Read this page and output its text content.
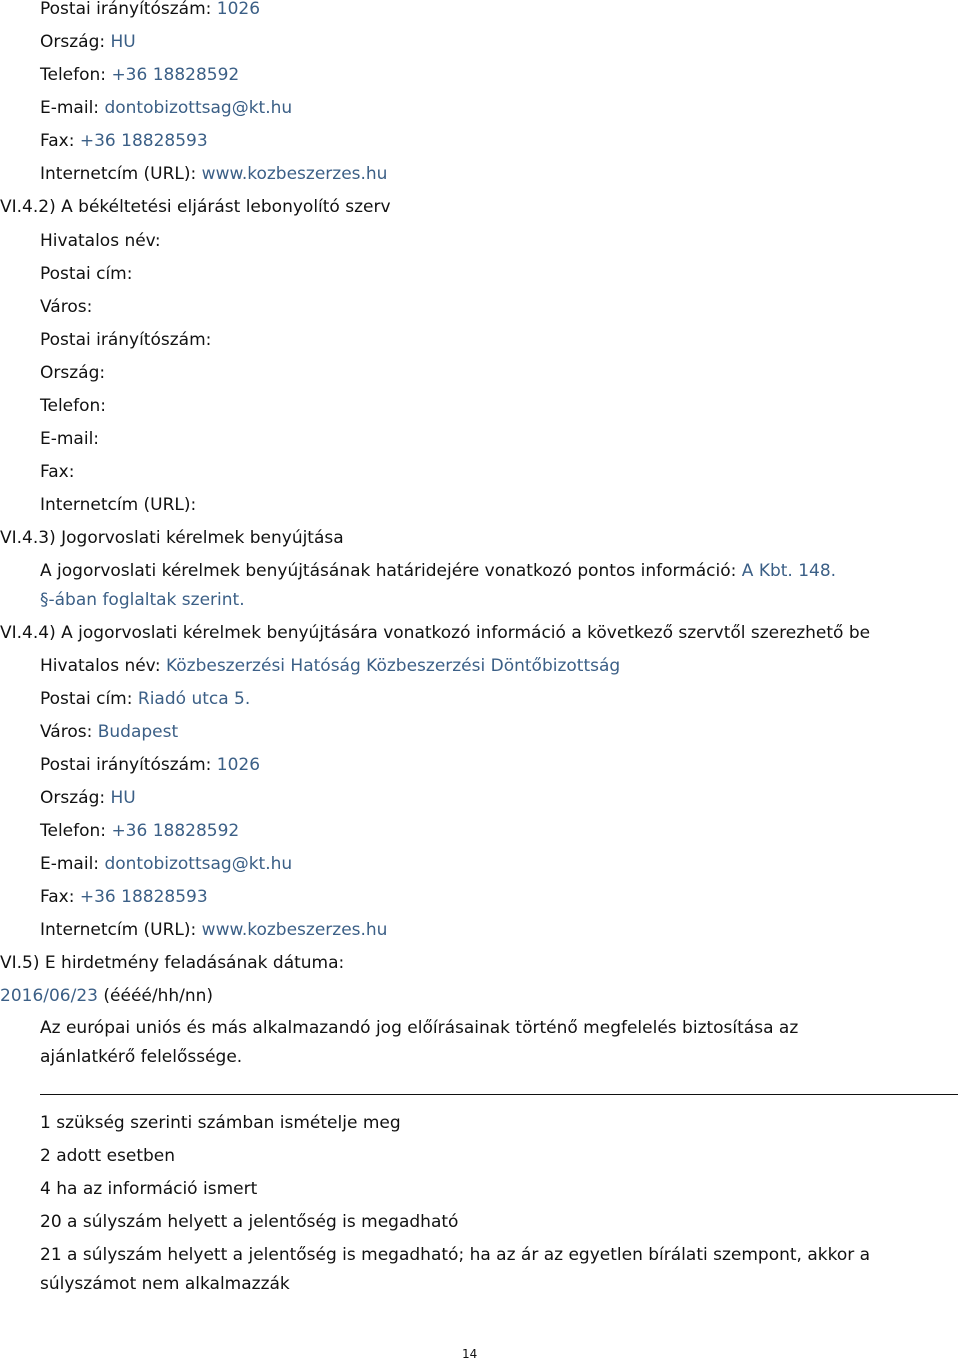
Postai irányítószám: 1026
Ország: HU
Telefon: +36 18828592
E-mail: dontobizottsag@kt.hu
Fax: +36 18828593
Internetcím (URL): www.kozbeszerzes.hu
VI.4.2) A békéltetési eljárást lebonyolító szerv
Hivatalos név:
Postai cím:
Város:
Postai irányítószám:
Ország:
Telefon:
E-mail:
Fax:
Internetcím (URL):
VI.4.3) Jogorvoslati kérelmek benyújtása
A jogorvoslati kérelmek benyújtásának határidejére vonatkozó pontos információ: A Kbt. 148.
§-ában foglaltak szerint.
VI.4.4) A jogorvoslati kérelmek benyújtására vonatkozó információ a következő szervtől szerezhető be
Hivatalos név: Közbeszerzési Hatóság Közbeszerzési Döntőbizottság
Postai cím: Riadó utca 5.
Város: Budapest
Postai irányítószám: 1026
Ország: HU
Telefon: +36 18828592
E-mail: dontobizottsag@kt.hu
Fax: +36 18828593
Internetcím (URL): www.kozbeszerzes.hu
VI.5) E hirdetmény feladásának dátuma:
2016/06/23 (éééé/hh/nn)
Az európai uniós és más alkalmazandó jog előírásainak történő megfelelés biztosítása az
ajánlatkérő felelőssége.
1 szükség szerinti számban ismételje meg
2 adott esetben
4 ha az információ ismert
20 a súlyszám helyett a jelentőség is megadható
21 a súlyszám helyett a jelentőség is megadható; ha az ár az egyetlen bírálati szempont, akkor a
súlyszámot nem alkalmazzák
14
